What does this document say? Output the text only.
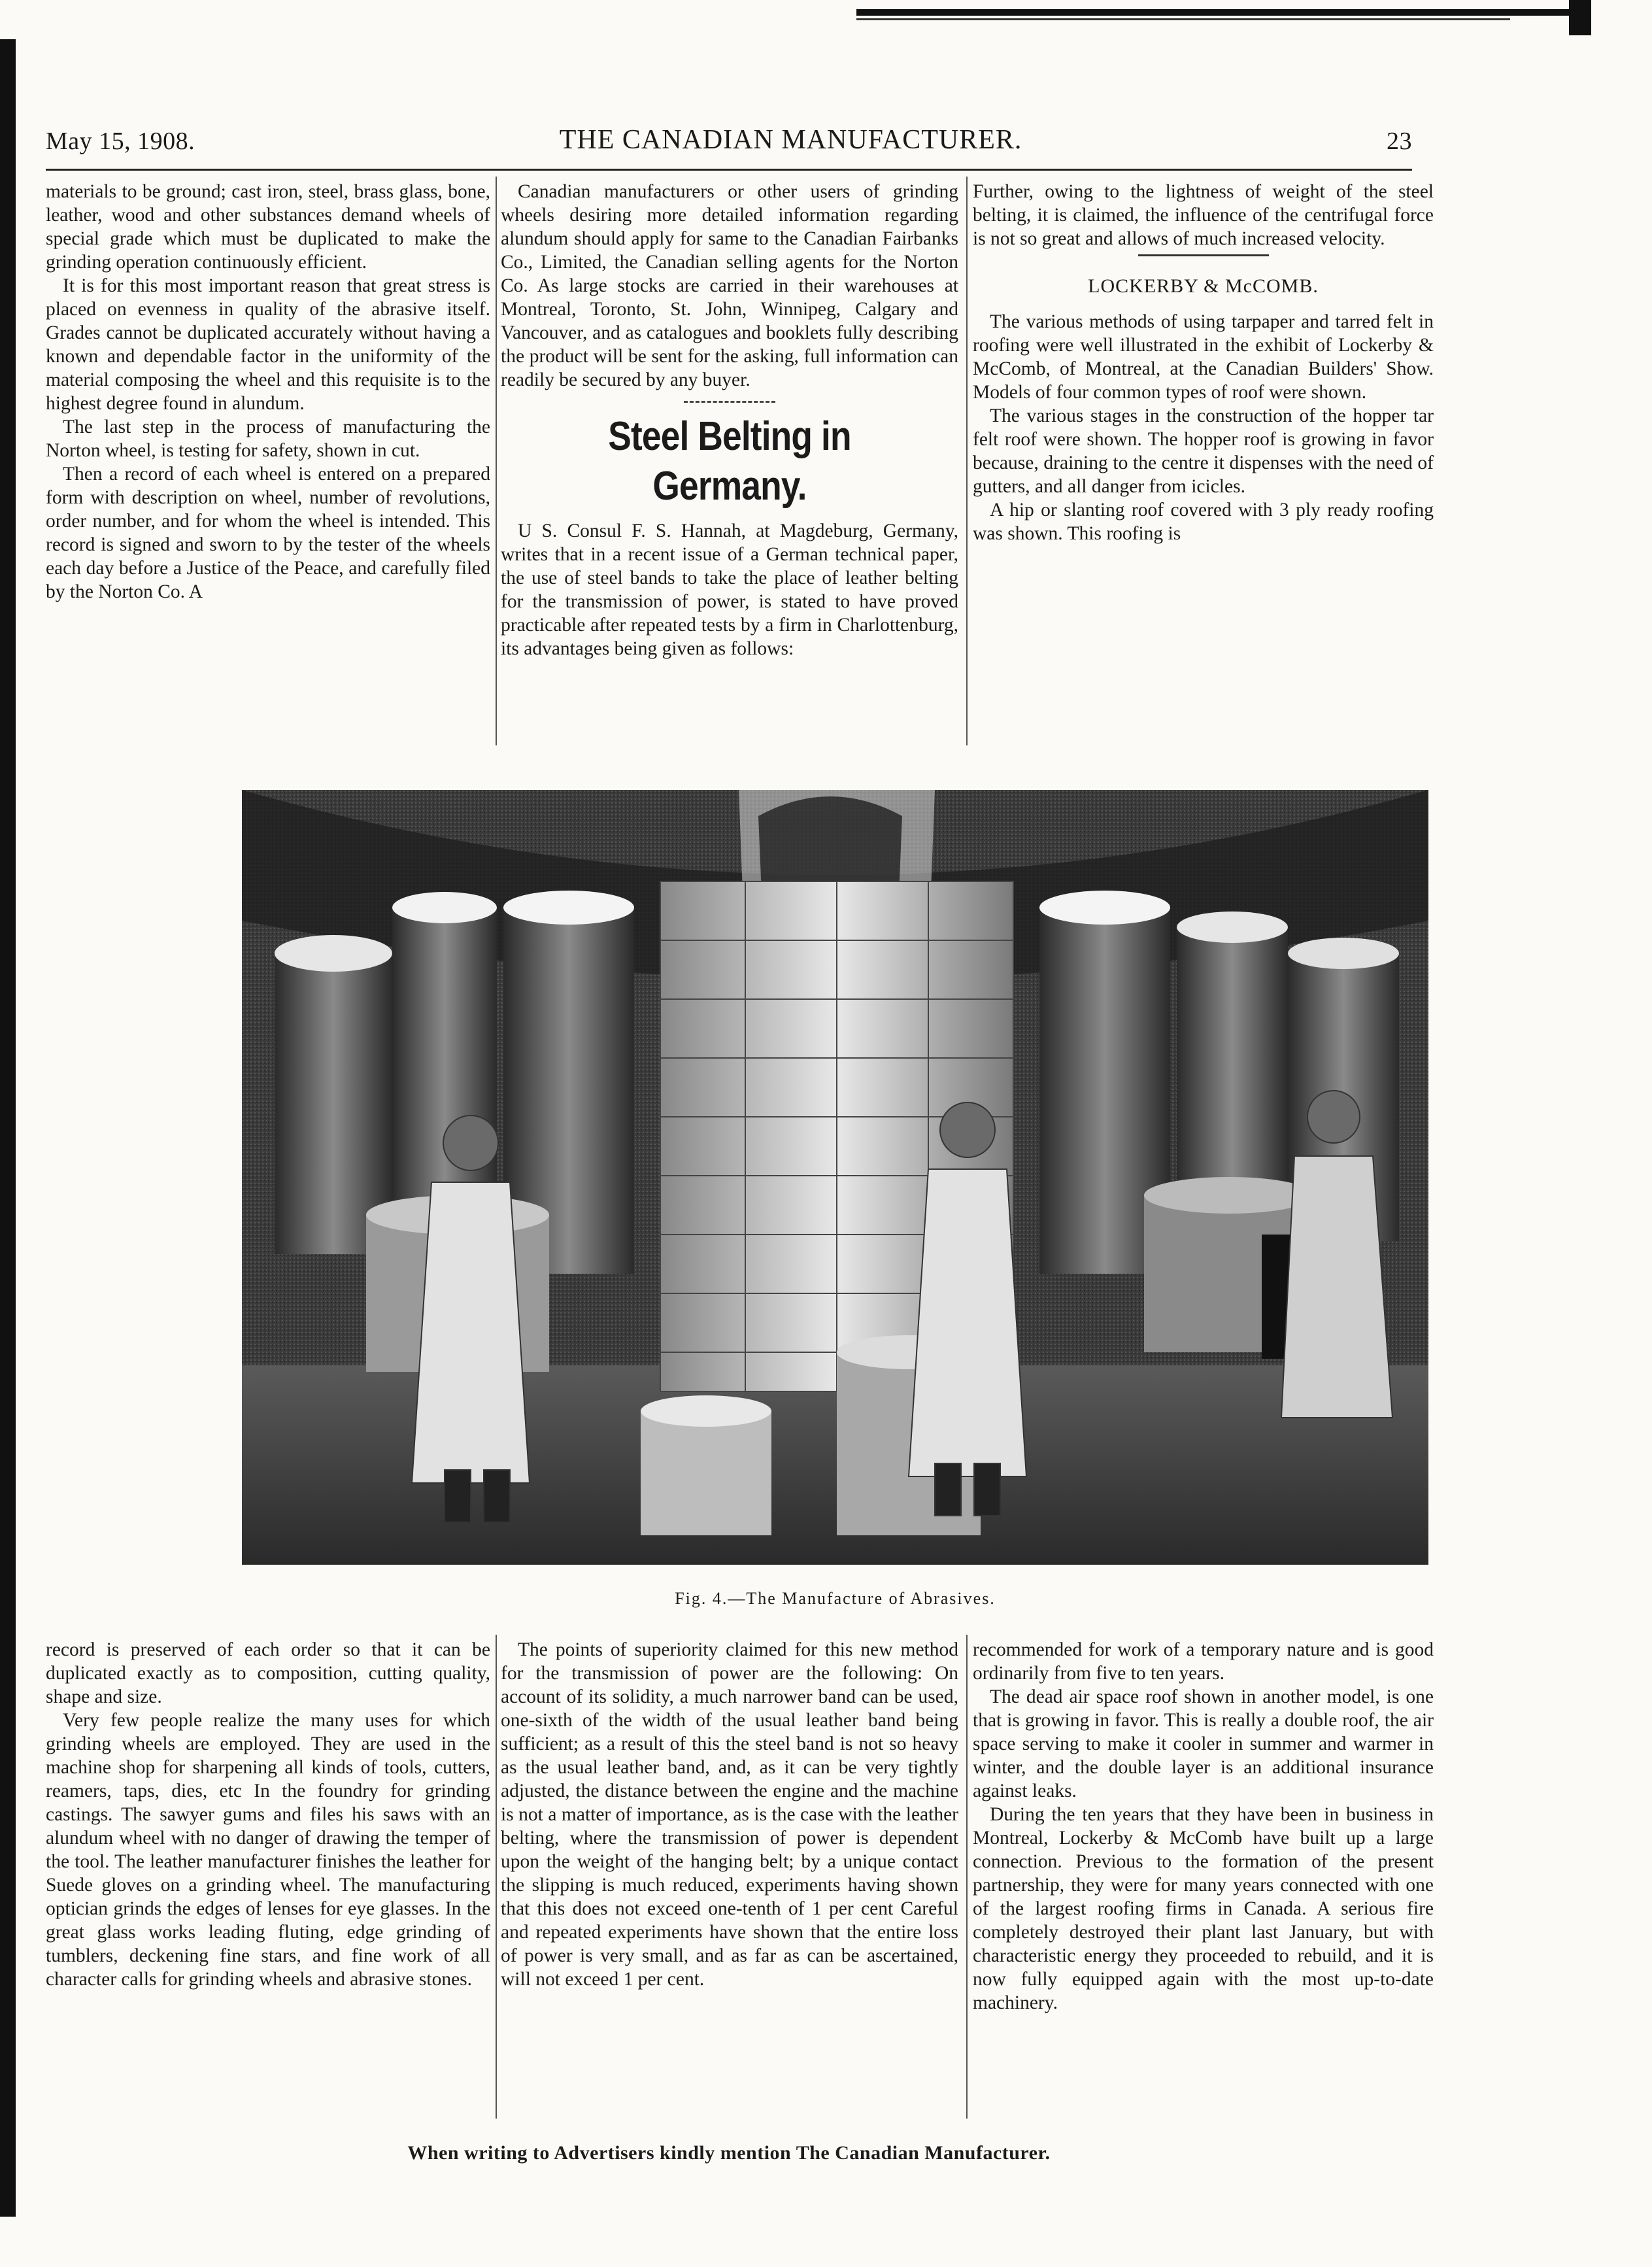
May 15, 1908.	THE CANADIAN MANUFACTURER.	23

materials to be ground; cast iron, steel, brass glass, bone, leather, wood and other substances demand wheels of special grade which must be duplicated to make the grinding operation continuously efficient.

It is for this most important reason that great stress is placed on evenness in quality of the abrasive itself. Grades cannot be duplicated accurately without having a known and dependable factor in the uniformity of the material composing the wheel and this requisite is to the highest degree found in alundum.

The last step in the process of manufacturing the Norton wheel, is testing for safety, shown in cut.

Then a record of each wheel is entered on a prepared form with description on wheel, number of revolutions, order number, and for whom the wheel is intended. This record is signed and sworn to by the tester of the wheels each day before a Justice of the Peace, and carefully filed by the Norton Co. A

Canadian manufacturers or other users of grinding wheels desiring more detailed information regarding alundum should apply for same to the Canadian Fairbanks Co., Limited, the Canadian selling agents for the Norton Co. As large stocks are carried in their warehouses at Montreal, Toronto, St. John, Winnipeg, Calgary and Vancouver, and as catalogues and booklets fully describing the product will be sent for the asking, full information can readily be secured by any buyer.

Steel Belting in Germany.

U S. Consul F. S. Hannah, at Magdeburg, Germany, writes that in a recent issue of a German technical paper, the use of steel bands to take the place of leather belting for the transmission of power, is stated to have proved practicable after repeated tests by a firm in Charlottenburg, its advantages being given as follows:

Further, owing to the lightness of weight of the steel belting, it is claimed, the influence of the centrifugal force is not so great and allows of much increased velocity.

LOCKERBY & McCOMB.

The various methods of using tarpaper and tarred felt in roofing were well illustrated in the exhibit of Lockerby & McComb, of Montreal, at the Canadian Builders' Show. Models of four common types of roof were shown.

The various stages in the construction of the hopper tar felt roof were shown. The hopper roof is growing in favor because, draining to the centre it dispenses with the need of gutters, and all danger from icicles.

A hip or slanting roof covered with 3 ply ready roofing was shown. This roofing is

Fig. 4.—The Manufacture of Abrasives.

record is preserved of each order so that it can be duplicated exactly as to composition, cutting quality, shape and size.

Very few people realize the many uses for which grinding wheels are employed. They are used in the machine shop for sharpening all kinds of tools, cutters, reamers, taps, dies, etc In the foundry for grinding castings. The sawyer gums and files his saws with an alundum wheel with no danger of drawing the temper of the tool. The leather manufacturer finishes the leather for Suede gloves on a grinding wheel. The manufacturing optician grinds the edges of lenses for eye glasses. In the great glass works leading fluting, edge grinding of tumblers, deckening fine stars, and fine work of all character calls for grinding wheels and abrasive stones.

The points of superiority claimed for this new method for the transmission of power are the following: On account of its solidity, a much narrower band can be used, one-sixth of the width of the usual leather band being sufficient; as a result of this the steel band is not so heavy as the usual leather band, and, as it can be very tightly adjusted, the distance between the engine and the machine is not a matter of importance, as is the case with the leather belting, where the transmission of power is dependent upon the weight of the hanging belt; by a unique contact the slipping is much reduced, experiments having shown that this does not exceed one-tenth of 1 per cent Careful and repeated experiments have shown that the entire loss of power is very small, and as far as can be ascertained, will not exceed 1 per cent.

recommended for work of a temporary nature and is good ordinarily from five to ten years.

The dead air space roof shown in another model, is one that is growing in favor. This is really a double roof, the air space serving to make it cooler in summer and warmer in winter, and the double layer is an additional insurance against leaks.

During the ten years that they have been in business in Montreal, Lockerby & McComb have built up a large connection. Previous to the formation of the present partnership, they were for many years connected with one of the largest roofing firms in Canada. A serious fire completely destroyed their plant last January, but with characteristic energy they proceeded to rebuild, and it is now fully equipped again with the most up-to-date machinery.

When writing to Advertisers kindly mention The Canadian Manufacturer.
